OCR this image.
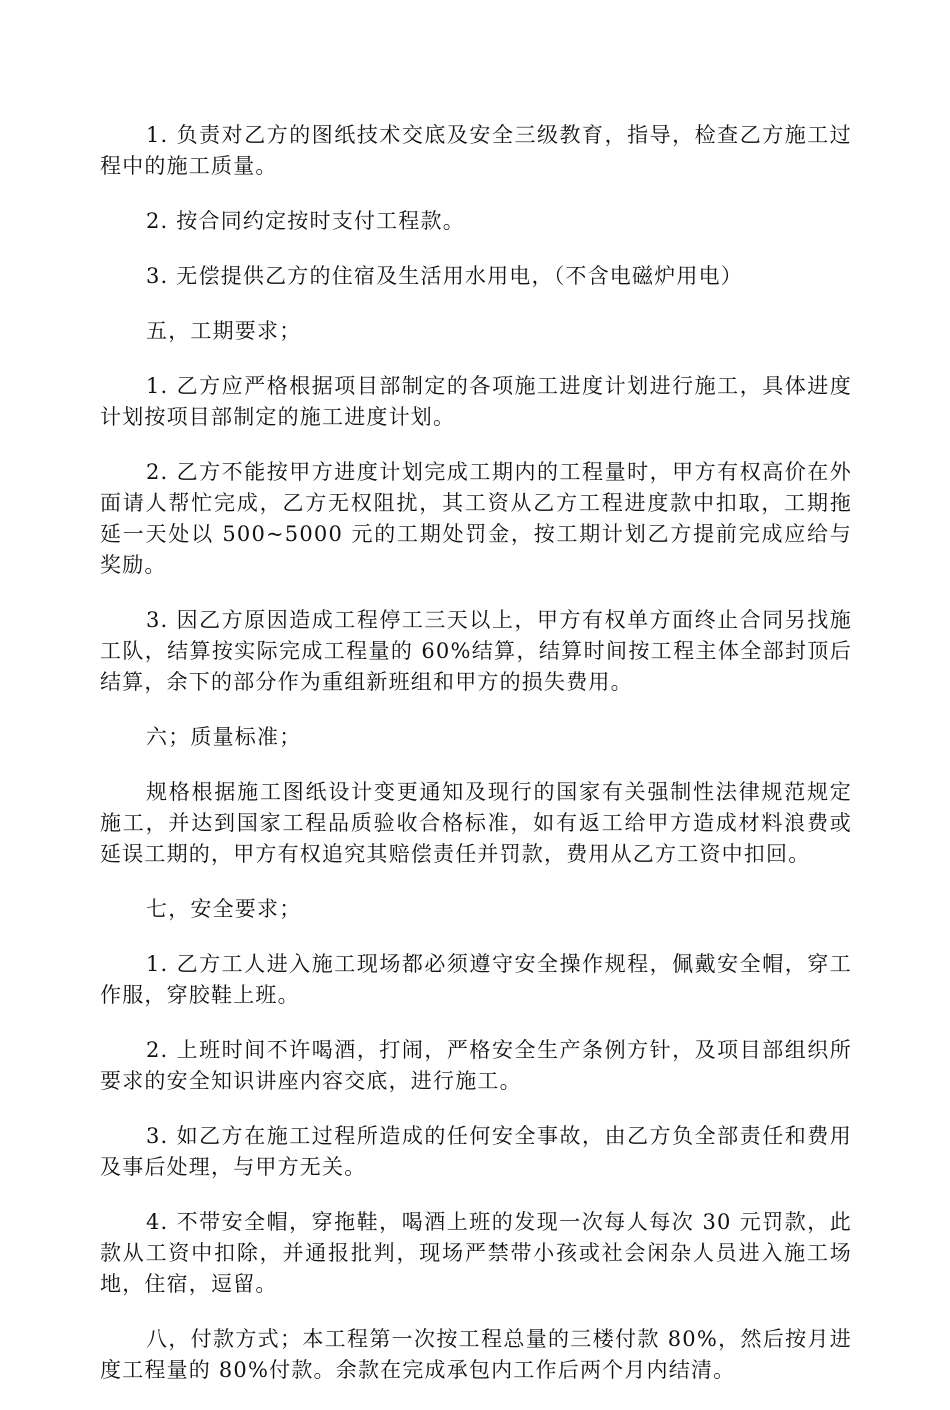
1. 负责对乙方的图纸技术交底及安全三级教育，指导，检查乙方施工过程中的施工质量。

2. 按合同约定按时支付工程款。

3. 无偿提供乙方的住宿及生活用水用电，（不含电磁炉用电）

五，工期要求；

1. 乙方应严格根据项目部制定的各项施工进度计划进行施工，具体进度计划按项目部制定的施工进度计划。

2. 乙方不能按甲方进度计划完成工期内的工程量时，甲方有权高价在外面请人帮忙完成，乙方无权阻扰，其工资从乙方工程进度款中扣取，工期拖延一天处以 500~5000 元的工期处罚金，按工期计划乙方提前完成应给与奖励。

3. 因乙方原因造成工程停工三天以上，甲方有权单方面终止合同另找施工队，结算按实际完成工程量的 60%结算，结算时间按工程主体全部封顶后结算，余下的部分作为重组新班组和甲方的损失费用。

六；质量标准；

规格根据施工图纸设计变更通知及现行的国家有关强制性法律规范规定施工，并达到国家工程品质验收合格标准，如有返工给甲方造成材料浪费或延误工期的，甲方有权追究其赔偿责任并罚款，费用从乙方工资中扣回。

七，安全要求；

1. 乙方工人进入施工现场都必须遵守安全操作规程，佩戴安全帽，穿工作服，穿胶鞋上班。

2. 上班时间不许喝酒，打闹，严格安全生产条例方针，及项目部组织所要求的安全知识讲座内容交底，进行施工。

3. 如乙方在施工过程所造成的任何安全事故，由乙方负全部责任和费用及事后处理，与甲方无关。

4. 不带安全帽，穿拖鞋，喝酒上班的发现一次每人每次 30 元罚款，此款从工资中扣除，并通报批判，现场严禁带小孩或社会闲杂人员进入施工场地，住宿，逗留。

八，付款方式；本工程第一次按工程总量的三楼付款 80%，然后按月进度工程量的 80%付款。余款在完成承包内工作后两个月内结清。
